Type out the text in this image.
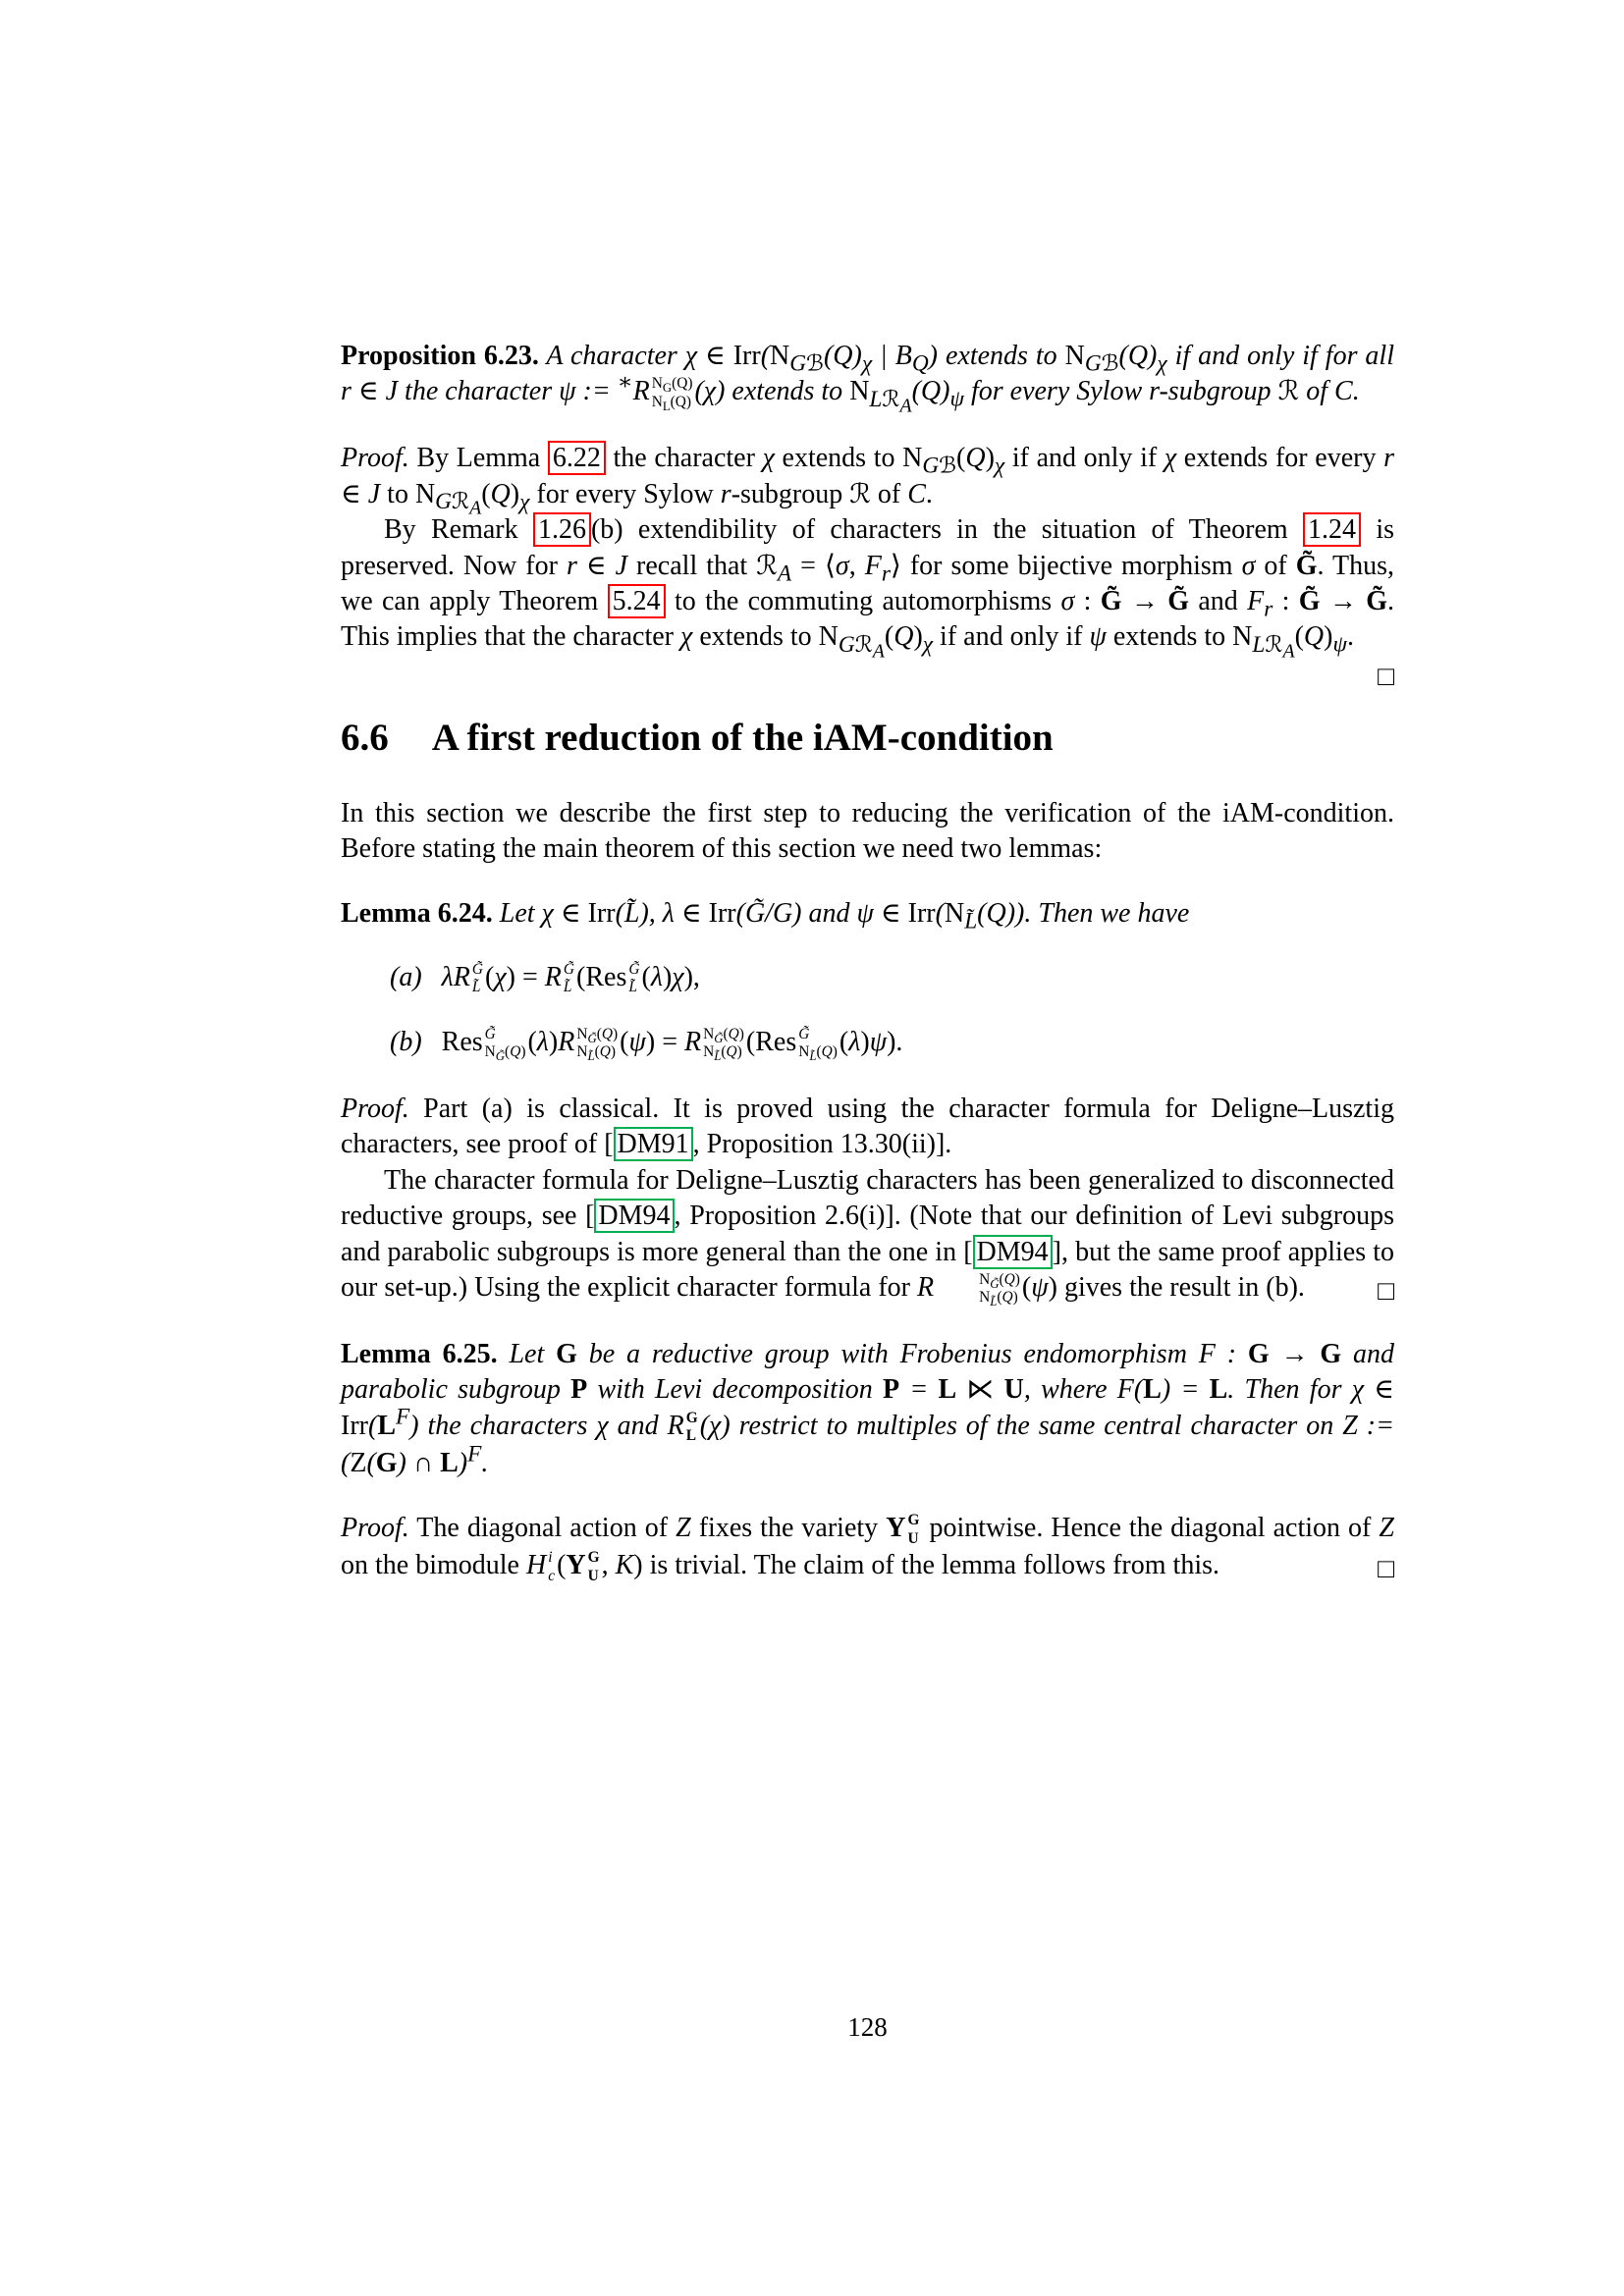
Proposition 6.23. A character χ ∈ $Irr(N_{Gℬ}(Q)_\chi$ | $B_Q$) extends to $N_{Gℬ}(Q)_\chi$ if and only if for all r ∈ J the character ψ := ∗R $N_G(Q)$
$N_L(Q)$ (χ) extends to $N_{Lℛ_A}(Q)_\psi$ for every Sylow r-subgroup ℛ of C.

Proof. By Lemma 6.22 the character χ extends to $N_{Gℬ}(Q)_\chi$ if and only if χ extends for every r ∈ J to $N_{Gℛ_A}(Q)_\chi$ for every Sylow r-subgroup ℛ of C.

By Remark 1.26 (b) extendibility of characters in the situation of Theorem 1.24 is preserved. Now for r ∈ J recall that ℛ$_A$ = ⟨σ, $F_r⟩$ for some bijective morphism σ of G̃. Thus, we can apply Theorem 5.24 to the commuting automorphisms σ : G̃ → G̃ and $F_r$ : G̃ → G̃. This implies that the character χ extends to $N_{Gℛ_A}(Q)_\chi$ if and only if ψ extends to $N_{Lℛ_A}(Q)_\psi$.
□

6.6 A first reduction of the iAM-condition

In this section we describe the first step to reducing the verification of the iAM-condition. Before stating the main theorem of this section we need two lemmas:

Lemma 6.24. Let χ ∈ Irr(L̃), λ ∈ Irr(G̃/G) and ψ ∈ $Irr(N_{L̃}(Q))$. Then we have

(a) λR G̃
L̃ (χ) = R G̃
L̃ (Res G̃
L̃ (λ)χ),
(b) Res G̃
$N_{G̃}(Q)$ (λ)R $N_{G̃}(Q)$
$N_{L̃}(Q) (\psi) = R$ $N_{G̃}(Q)$
$N_{L̃}(Q)$ (Res G̃
$N_{L̃}(Q)$ (λ)ψ).

Proof. Part (a) is classical. It is proved using the character formula for Deligne–Lusztig characters, see proof of [ DM91 , Proposition 13.30(ii)].

The character formula for Deligne–Lusztig characters has been generalized to disconnected reductive groups, see [ DM94 , Proposition 2.6(i)]. (Note that our definition of Levi subgroups and parabolic subgroups is more general than the one in [ DM94 ], but the same proof applies to our set-up.) Using the explicit character formula for R	$N_{G̃}(Q)$
$N_{L̃}(Q)$ (ψ) gives the result in (b).	□

Lemma 6.25. Let G be a reductive group with Frobenius endomorphism F : G → G and parabolic subgroup P with Levi decomposition P = L ⋉ U, where F(L) = L. Then for χ ∈ $Irr(L^F)$ the characters χ and R G
L (χ) restrict to multiples of the same central character on Z := (Z(G) ∩ L)$^F$.

Proof. The diagonal action of Z fixes the variety Y G
U pointwise. Hence the diagonal action of Z on the bimodule H i
c (Y G
U , K) is trivial. The claim of the lemma follows from this.	□

128
